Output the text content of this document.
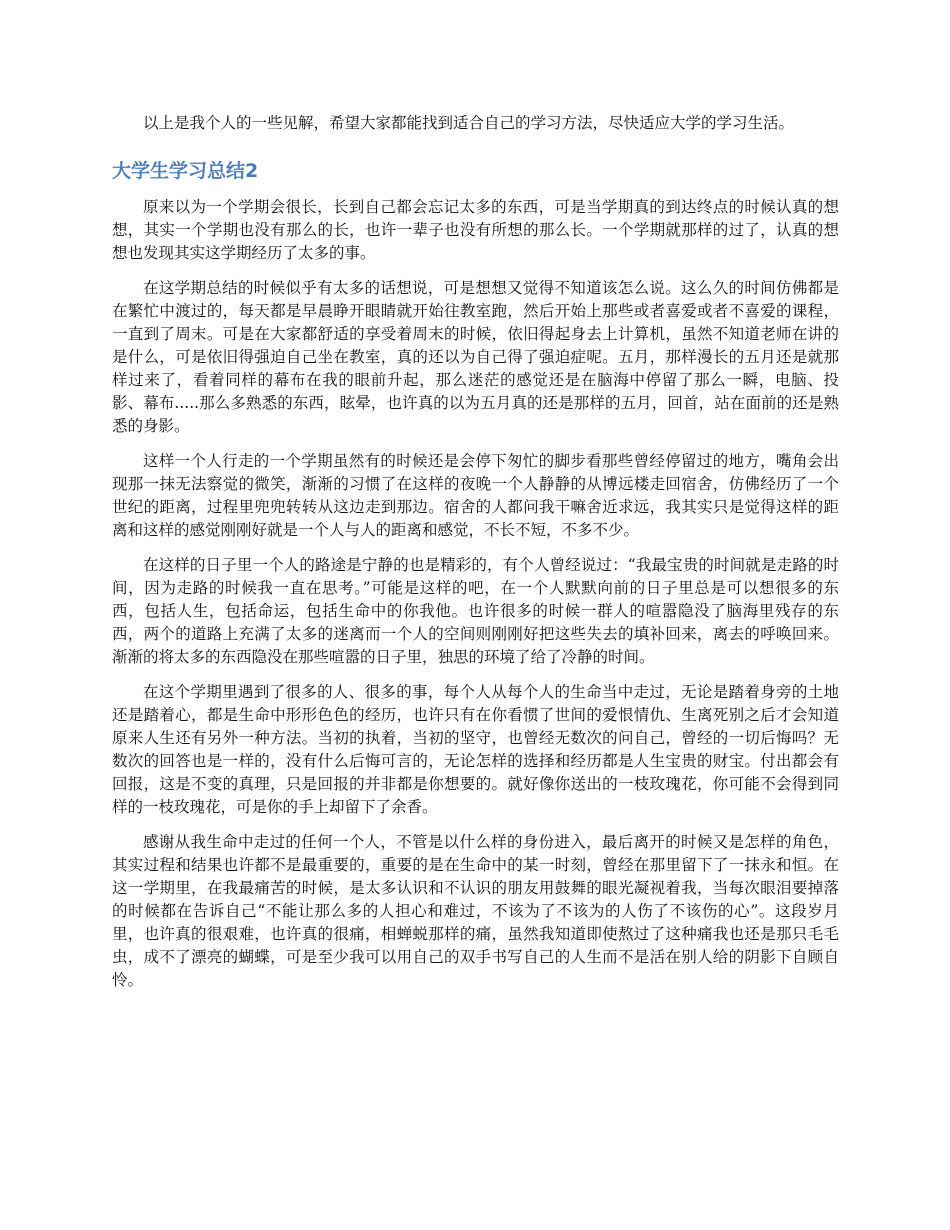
以上是我个人的一些见解，希望大家都能找到适合自己的学习方法，尽快适应大学的学习生活。

大学生学习总结2

原来以为一个学期会很长，长到自己都会忘记太多的东西，可是当学期真的到达终点的时候认真的想想，其实一个学期也没有那么的长，也许一辈子也没有所想的那么长。一个学期就那样的过了，认真的想想也发现其实这学期经历了太多的事。

在这学期总结的时候似乎有太多的话想说，可是想想又觉得不知道该怎么说。这么久的时间仿佛都是在繁忙中渡过的，每天都是早晨睁开眼睛就开始往教室跑，然后开始上那些或者喜爱或者不喜爱的课程，一直到了周末。可是在大家都舒适的享受着周末的时候，依旧得起身去上计算机，虽然不知道老师在讲的是什么，可是依旧得强迫自己坐在教室，真的还以为自己得了强迫症呢。五月，那样漫长的五月还是就那样过来了，看着同样的幕布在我的眼前升起，那么迷茫的感觉还是在脑海中停留了那么一瞬，电脑、投影、幕布.....那么多熟悉的东西，眩晕，也许真的以为五月真的还是那样的五月，回首，站在面前的还是熟悉的身影。

这样一个人行走的一个学期虽然有的时候还是会停下匆忙的脚步看那些曾经停留过的地方，嘴角会出现那一抹无法察觉的微笑，渐渐的习惯了在这样的夜晚一个人静静的从博远楼走回宿舍，仿佛经历了一个世纪的距离，过程里兜兜转转从这边走到那边。宿舍的人都问我干嘛舍近求远，我其实只是觉得这样的距离和这样的感觉刚刚好就是一个人与人的距离和感觉，不长不短，不多不少。

在这样的日子里一个人的路途是宁静的也是精彩的，有个人曾经说过：“我最宝贵的时间就是走路的时间，因为走路的时候我一直在思考。”可能是这样的吧，在一个人默默向前的日子里总是可以想很多的东西，包括人生，包括命运，包括生命中的你我他。也许很多的时候一群人的喧嚣隐没了脑海里残存的东西，两个的道路上充满了太多的迷离而一个人的空间则刚刚好把这些失去的填补回来，离去的呼唤回来。渐渐的将太多的东西隐没在那些喧嚣的日子里，独思的环境了给了冷静的时间。

在这个学期里遇到了很多的人、很多的事，每个人从每个人的生命当中走过，无论是踏着身旁的土地还是踏着心，都是生命中形形色色的经历，也许只有在你看惯了世间的爱恨情仇、生离死别之后才会知道原来人生还有另外一种方法。当初的执着，当初的坚守，也曾经无数次的问自己，曾经的一切后悔吗？无数次的回答也是一样的，没有什么后悔可言的，无论怎样的选择和经历都是人生宝贵的财宝。付出都会有回报，这是不变的真理，只是回报的并非都是你想要的。就好像你送出的一枝玫瑰花，你可能不会得到同样的一枝玫瑰花，可是你的手上却留下了余香。

感谢从我生命中走过的任何一个人，不管是以什么样的身份进入，最后离开的时候又是怎样的角色，其实过程和结果也许都不是最重要的，重要的是在生命中的某一时刻，曾经在那里留下了一抹永和恒。在这一学期里，在我最痛苦的时候，是太多认识和不认识的朋友用鼓舞的眼光凝视着我，当每次眼泪要掉落的时候都在告诉自己“不能让那么多的人担心和难过，不该为了不该为的人伤了不该伤的心”。这段岁月里，也许真的很艰难，也许真的很痛，相蝉蜕那样的痛，虽然我知道即使熬过了这种痛我也还是那只毛毛虫，成不了漂亮的蝴蝶，可是至少我可以用自己的双手书写自己的人生而不是活在别人给的阴影下自顾自怜。
